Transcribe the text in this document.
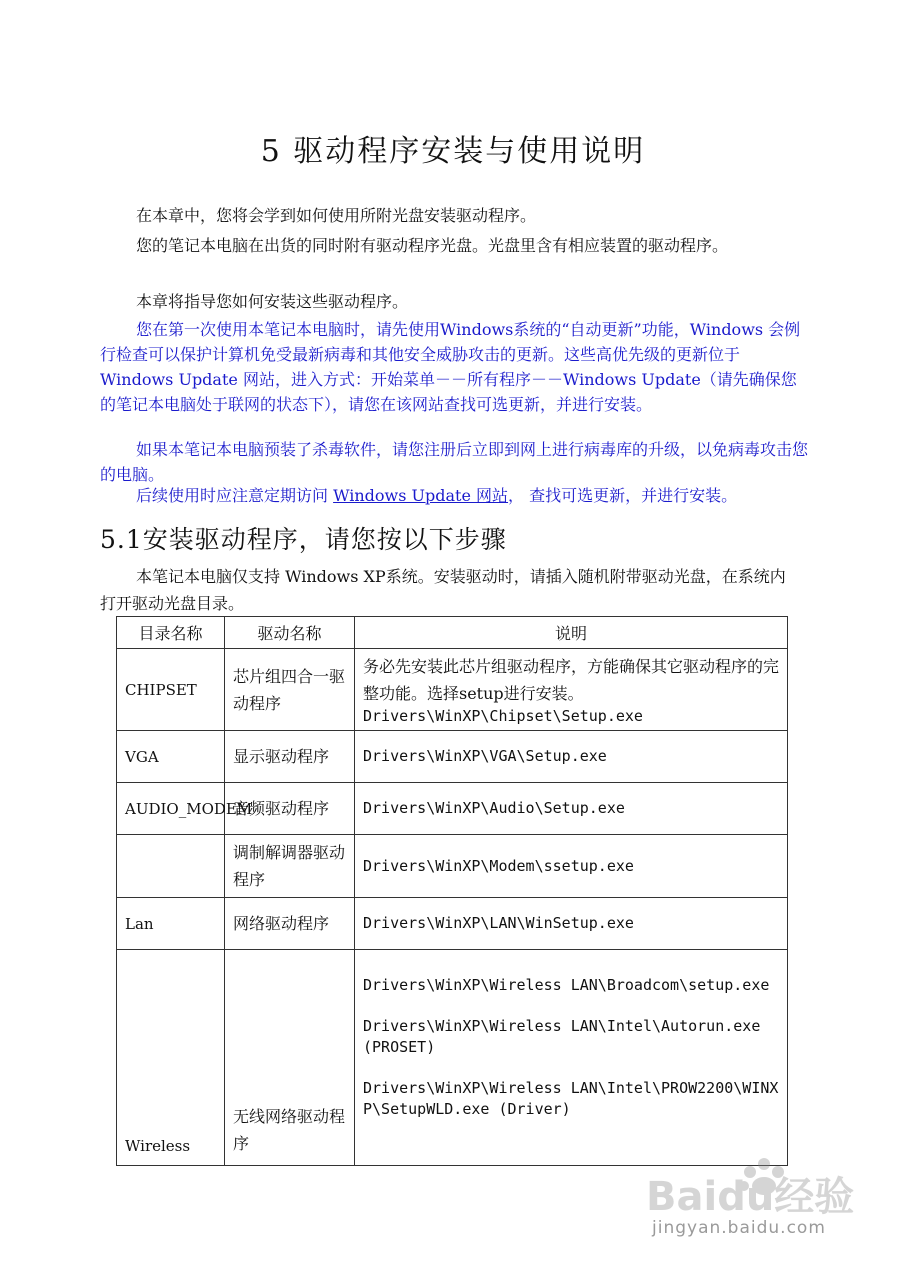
5 驱动程序安装与使用说明

在本章中，您将会学到如何使用所附光盘安装驱动程序。

您的笔记本电脑在出货的同时附有驱动程序光盘。光盘里含有相应装置的驱动程序。

本章将指导您如何安装这些驱动程序。

您在第一次使用本笔记本电脑时，请先使用Windows系统的“自动更新”功能，Windows 会例行检查可以保护计算机免受最新病毒和其他安全威胁攻击的更新。这些高优先级的更新位于 Windows Update 网站，进入方式：开始菜单－－所有程序－－Windows Update（请先确保您的笔记本电脑处于联网的状态下），请您在该网站查找可选更新，并进行安装。

如果本笔记本电脑预装了杀毒软件，请您注册后立即到网上进行病毒库的升级，以免病毒攻击您的电脑。

后续使用时应注意定期访问 Windows Update 网站， 查找可选更新，并进行安装。

5.1安装驱动程序，请您按以下步骤

本笔记本电脑仅支持 Windows XP系统。安装驱动时，请插入随机附带驱动光盘，在系统内打开驱动光盘目录。

目录名称	驱动名称	说明
CHIPSET	芯片组四合一驱动程序	务必先安装此芯片组驱动程序，方能确保其它驱动程序的完整功能。选择setup进行安装。
Drivers\WinXP\Chipset\Setup.exe

VGA	显示驱动程序	Drivers\WinXP\VGA\Setup.exe
AUDIO_MODEM	音频驱动程序	Drivers\WinXP\Audio\Setup.exe
	调制解调器驱动程序	Drivers\WinXP\Modem\ssetup.exe
Lan	网络驱动程序	Drivers\WinXP\LAN\WinSetup.exe
Wireless	无线网络驱动程序	Drivers\WinXP\Wireless LAN\Broadcom\setup.exe
Drivers\WinXP\Wireless LAN\Intel\Autorun.exe (PROSET)
Drivers\WinXP\Wireless LAN\Intel\PROW2200\WINXP\SetupWLD.exe (Driver)
Baidu经验
jingyan.baidu.com
